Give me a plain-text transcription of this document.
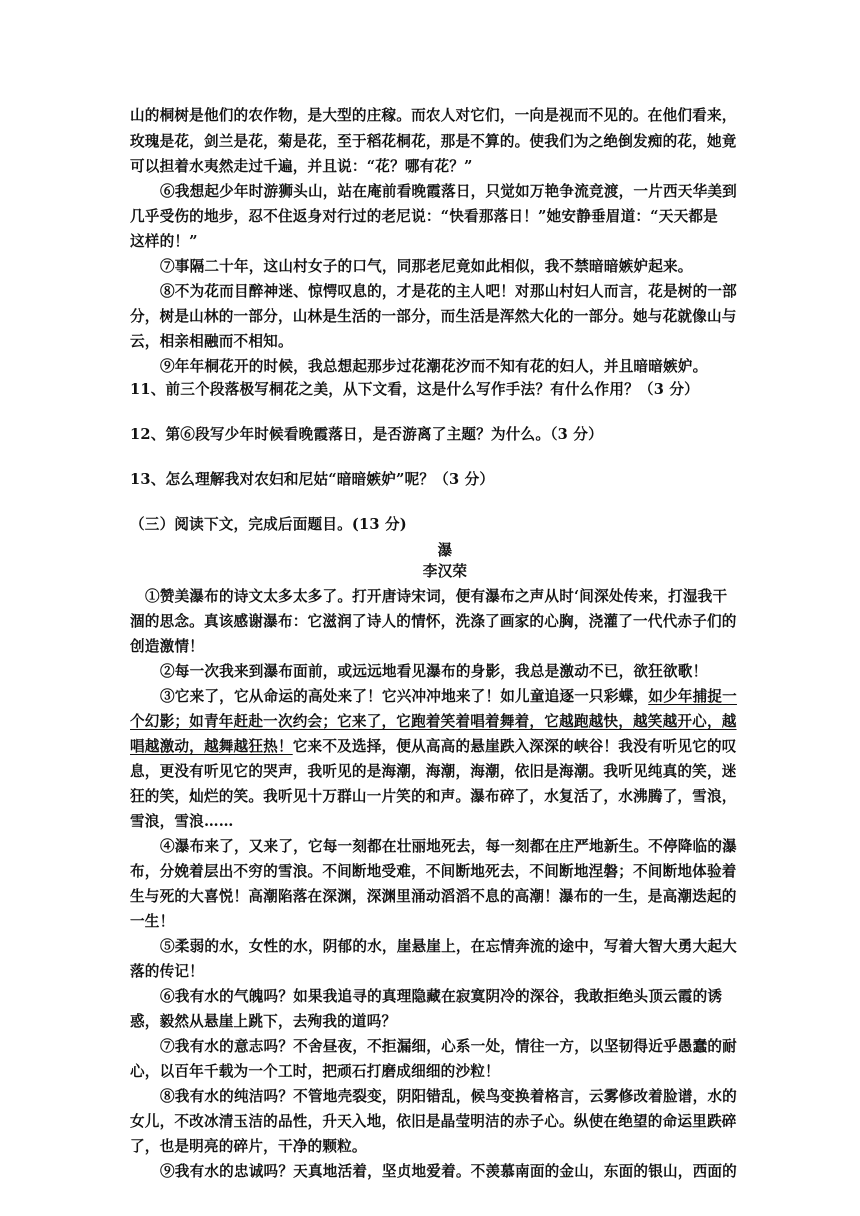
山的桐树是他们的农作物，是大型的庄稼。而农人对它们，一向是视而不见的。在他们看来，
玫瑰是花，剑兰是花，菊是花，至于稻花桐花，那是不算的。使我们为之绝倒发痴的花，她竟
可以担着水夷然走过千遍，并且说：“花？哪有花？”
⑥我想起少年时游狮头山，站在庵前看晚霞落日，只觉如万艳争流竞渡，一片西天华美到
几乎受伤的地步，忍不住返身对行过的老尼说：“快看那落日！”她安静垂眉道：“天天都是
这样的！”
⑦事隔二十年，这山村女子的口气，同那老尼竟如此相似，我不禁暗暗嫉妒起来。
⑧不为花而目醉神迷、惊愕叹息的，才是花的主人吧！对那山村妇人而言，花是树的一部
分，树是山林的一部分，山林是生活的一部分，而生活是浑然大化的一部分。她与花就像山与
云，相亲相融而不相知。
⑨年年桐花开的时候，我总想起那步过花潮花汐而不知有花的妇人，并且暗暗嫉妒。
11、前三个段落极写桐花之美，从下文看，这是什么写作手法？有什么作用？（3 分）
12、第⑥段写少年时候看晚霞落日，是否游离了主题？为什么。（3 分）
13、怎么理解我对农妇和尼姑“暗暗嫉妒”呢？（3 分）
（三）阅读下文，完成后面题目。(13 分)
瀑
李汉荣
①赞美瀑布的诗文太多太多了。打开唐诗宋词，便有瀑布之声从时‘间深处传来，打湿我干
涸的思念。真该感谢瀑布：它滋润了诗人的情怀，洗涤了画家的心胸，浇灌了一代代赤子们的
创造激情！
②每一次我来到瀑布面前，或远远地看见瀑布的身影，我总是激动不已，欲狂欲歌！
③它来了，它从命运的高处来了！它兴冲冲地来了！如儿童追逐一只彩蝶，如少年捕捉一
个幻影；如青年赶赴一次约会；它来了，它跑着笑着唱着舞着，它越跑越快，越笑越开心，越
唱越激动，越舞越狂热！它来不及选择，便从高高的悬崖跌入深深的峡谷！我没有听见它的叹
息，更没有听见它的哭声，我听见的是海潮，海潮，海潮，依旧是海潮。我听见纯真的笑，迷
狂的笑，灿烂的笑。我听见十万群山一片笑的和声。瀑布碎了，水复活了，水沸腾了，雪浪，
雪浪，雪浪……
④瀑布来了，又来了，它每一刻都在壮丽地死去，每一刻都在庄严地新生。不停降临的瀑
布，分娩着层出不穷的雪浪。不间断地受难，不间断地死去，不间断地涅磐；不间断地体验着
生与死的大喜悦！高潮陷落在深渊，深渊里涌动滔滔不息的高潮！瀑布的一生，是高潮迭起的
一生！
⑤柔弱的水，女性的水，阴郁的水，崖悬崖上，在忘情奔流的途中，写着大智大勇大起大
落的传记！
⑥我有水的气魄吗？如果我追寻的真理隐藏在寂寞阴冷的深谷，我敢拒绝头顶云霞的诱
惑，毅然从悬崖上跳下，去殉我的道吗？
⑦我有水的意志吗？不舍昼夜，不拒漏细，心系一处，情往一方，以坚韧得近乎愚蠢的耐
心，以百年千载为一个工时，把顽石打磨成细细的沙粒！
⑧我有水的纯洁吗？不管地壳裂变，阴阳错乱，候鸟变换着格言，云雾修改着脸谱，水的
女儿，不改冰清玉洁的品性，升天入地，依旧是晶莹明洁的赤子心。纵使在绝望的命运里跌碎
了，也是明亮的碎片，干净的颗粒。
⑨我有水的忠诚吗？天真地活着，坚贞地爱着。不羡慕南面的金山，东面的银山，西面的
